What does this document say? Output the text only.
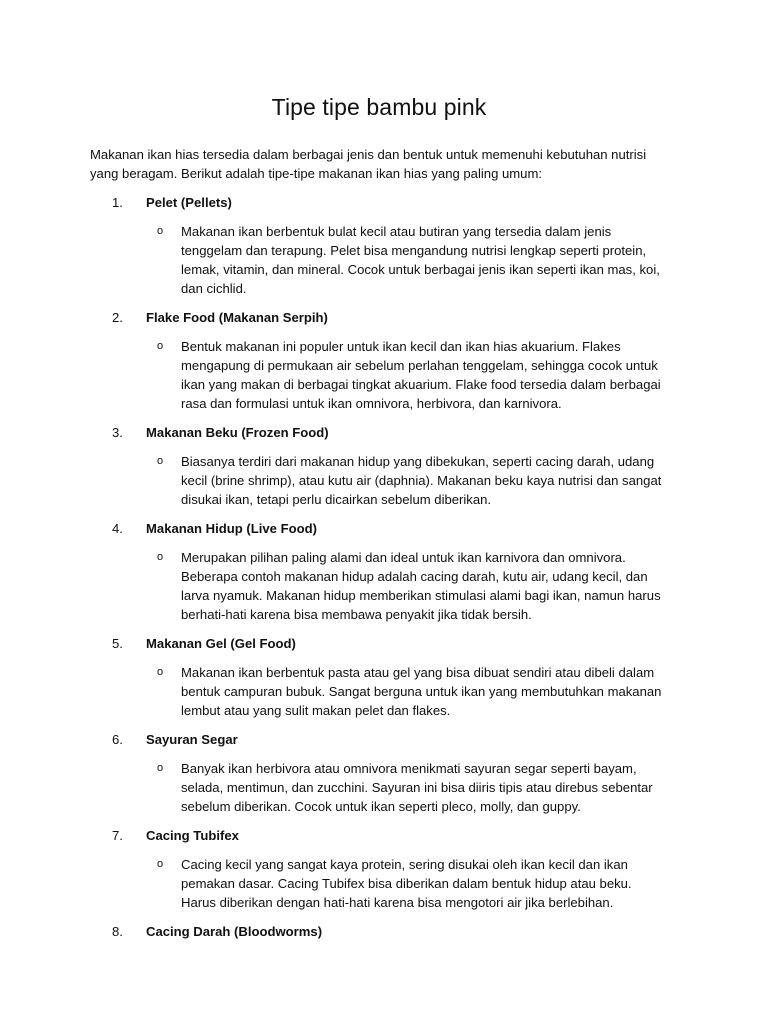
Tipe tipe bambu pink

Makanan ikan hias tersedia dalam berbagai jenis dan bentuk untuk memenuhi kebutuhan nutrisi yang beragam. Berikut adalah tipe-tipe makanan ikan hias yang paling umum:

1.	Pelet (Pellets)
o	Makanan ikan berbentuk bulat kecil atau butiran yang tersedia dalam jenis tenggelam dan terapung. Pelet bisa mengandung nutrisi lengkap seperti protein, lemak, vitamin, dan mineral. Cocok untuk berbagai jenis ikan seperti ikan mas, koi, dan cichlid.
2.	Flake Food (Makanan Serpih)
o	Bentuk makanan ini populer untuk ikan kecil dan ikan hias akuarium. Flakes mengapung di permukaan air sebelum perlahan tenggelam, sehingga cocok untuk ikan yang makan di berbagai tingkat akuarium. Flake food tersedia dalam berbagai rasa dan formulasi untuk ikan omnivora, herbivora, dan karnivora.
3.	Makanan Beku (Frozen Food)
o	Biasanya terdiri dari makanan hidup yang dibekukan, seperti cacing darah, udang kecil (brine shrimp), atau kutu air (daphnia). Makanan beku kaya nutrisi dan sangat disukai ikan, tetapi perlu dicairkan sebelum diberikan.
4.	Makanan Hidup (Live Food)
o	Merupakan pilihan paling alami dan ideal untuk ikan karnivora dan omnivora. Beberapa contoh makanan hidup adalah cacing darah, kutu air, udang kecil, dan larva nyamuk. Makanan hidup memberikan stimulasi alami bagi ikan, namun harus berhati-hati karena bisa membawa penyakit jika tidak bersih.
5.	Makanan Gel (Gel Food)
o	Makanan ikan berbentuk pasta atau gel yang bisa dibuat sendiri atau dibeli dalam bentuk campuran bubuk. Sangat berguna untuk ikan yang membutuhkan makanan lembut atau yang sulit makan pelet dan flakes.
6.	Sayuran Segar
o	Banyak ikan herbivora atau omnivora menikmati sayuran segar seperti bayam, selada, mentimun, dan zucchini. Sayuran ini bisa diiris tipis atau direbus sebentar sebelum diberikan. Cocok untuk ikan seperti pleco, molly, dan guppy.
7.	Cacing Tubifex
o	Cacing kecil yang sangat kaya protein, sering disukai oleh ikan kecil dan ikan pemakan dasar. Cacing Tubifex bisa diberikan dalam bentuk hidup atau beku. Harus diberikan dengan hati-hati karena bisa mengotori air jika berlebihan.
8.	Cacing Darah (Bloodworms)
